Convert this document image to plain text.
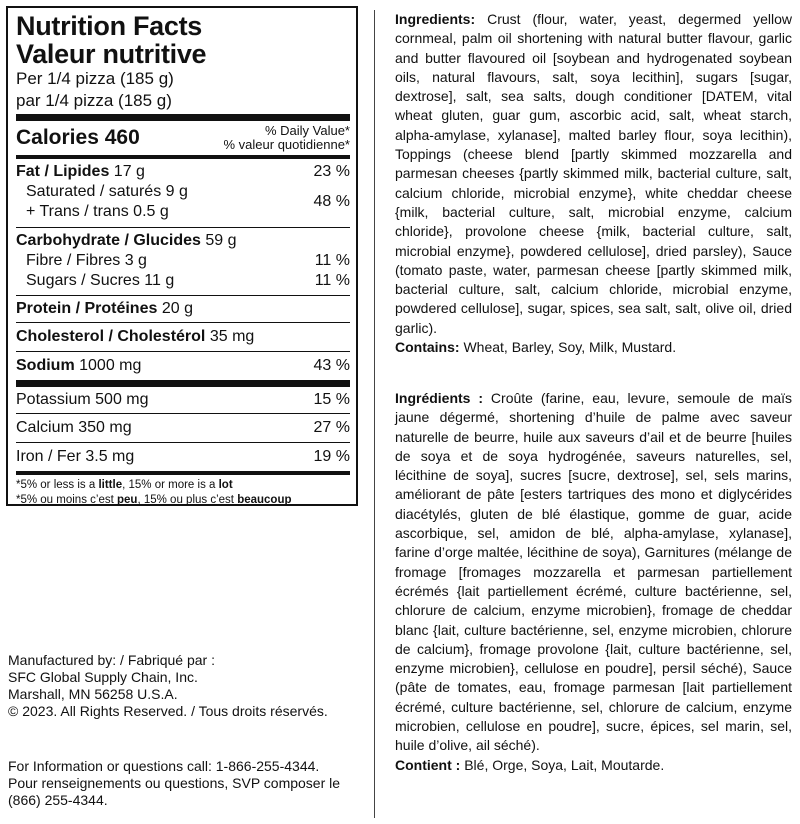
Nutrition Facts
Valeur nutritive
Per 1/4 pizza (185 g)
par 1/4 pizza (185 g)
Calories 460	% Daily Value*
% valeur quotidienne*
Fat / Lipides 17 g	23 %
Saturated / saturés 9 g
+ Trans / trans 0.5 g
48 %
Carbohydrate / Glucides 59 g
Fibre / Fibres 3 g	11 %
Sugars / Sucres 11 g	11 %
Protein / Protéines 20 g
Cholesterol / Cholestérol 35 mg
Sodium 1000 mg	43 %
Potassium 500 mg	15 %
Calcium 350 mg	27 %
Iron / Fer 3.5 mg	19 %
*5% or less is a little, 15% or more is a lot
*5% ou moins c’est peu, 15% ou plus c’est beaucoup
Manufactured by: / Fabriqué par :
SFC Global Supply Chain, Inc.
Marshall, MN 56258 U.S.A.
© 2023. All Rights Reserved. / Tous droits réservés.
For Information or questions call: 1-866-255-4344.
Pour renseignements ou questions, SVP composer le
(866) 255-4344.
Ingredients: Crust (flour, water, yeast, degermed yellow cornmeal, palm oil shortening with natural butter flavour, garlic and butter flavoured oil [soybean and hydrogenated soybean oils, natural flavours, salt, soya lecithin], sugars [sugar, dextrose], salt, sea salts, dough conditioner [DATEM, vital wheat gluten, guar gum, ascorbic acid, salt, wheat starch, alpha-amylase, xylanase], malted barley flour, soya lecithin), Toppings (cheese blend [partly skimmed mozzarella and parmesan cheeses {partly skimmed milk, bacterial culture, salt, calcium chloride, microbial enzyme}, white cheddar cheese {milk, bacterial culture, salt, microbial enzyme, calcium chloride}, provolone cheese {milk, bacterial culture, salt, microbial enzyme}, powdered cellulose], dried parsley), Sauce (tomato paste, water, parmesan cheese [partly skimmed milk, bacterial culture, salt, calcium chloride, microbial enzyme, powdered cellulose], sugar, spices, sea salt, salt, olive oil, dried garlic).
Contains: Wheat, Barley, Soy, Milk, Mustard.
Ingrédients : Croûte (farine, eau, levure, semoule de maïs jaune dégermé, shortening d’huile de palme avec saveur naturelle de beurre, huile aux saveurs d’ail et de beurre [huiles de soya et de soya hydrogénée, saveurs naturelles, sel, lécithine de soya], sucres [sucre, dextrose], sel, sels marins, améliorant de pâte [esters tartriques des mono et diglycérides diacétylés, gluten de blé élastique, gomme de guar, acide ascorbique, sel, amidon de blé, alpha-amylase, xylanase], farine d’orge maltée, lécithine de soya), Garnitures (mélange de fromage [fromages mozzarella et parmesan partiellement écrémés {lait partiellement écrémé, culture bactérienne, sel, chlorure de calcium, enzyme microbien}, fromage de cheddar blanc {lait, culture bactérienne, sel, enzyme microbien, chlorure de calcium}, fromage provolone {lait, culture bactérienne, sel, enzyme microbien}, cellulose en poudre], persil séché), Sauce (pâte de tomates, eau, fromage parmesan [lait partiellement écrémé, culture bactérienne, sel, chlorure de calcium, enzyme microbien, cellulose en poudre], sucre, épices, sel marin, sel, huile d’olive, ail séché).
Contient : Blé, Orge, Soya, Lait, Moutarde.
